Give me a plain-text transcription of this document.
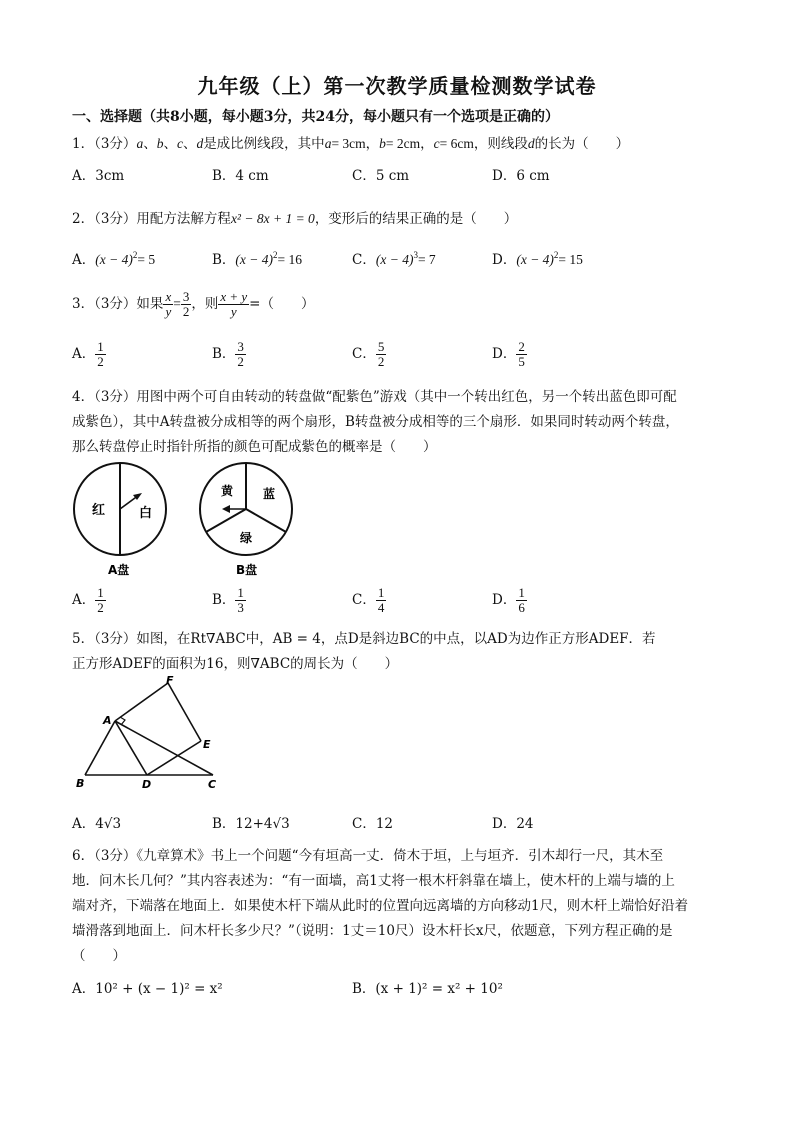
九年级（上）第一次教学质量检测数学试卷
一、选择题（共8小题，每小题3分，共24分，每小题只有一个选项是正确的）
1．（3分）a、b、c、d是成比例线段，其中a= 3cm，b= 2cm，c= 6cm，则线段d的长为（　　）
A．3cm	B．4 cm	C．5 cm	D．6 cm
2．（3分）用配方法解方程x² − 8x + 1 = 0，变形后的结果正确的是（　　）
A．$(x - 4)^2= 5$	B．$(x - 4)^2= 16$	C．$(x - 4)^3= 7$	D．$(x - 4)^2= 15$
3．（3分）如果 $\frac{x}{y} = \frac{3}{2}$ ，则 $\frac{x + y}{y}$ =（　　）
A． $\frac{1}{2}$	B． $\frac{3}{2}$	C． $\frac{5}{2}$	D． $\frac{2}{5}$
4．（3分）用图中两个可自由转动的转盘做“配紫色”游戏（其中一个转出红色，另一个转出蓝色即可配
成紫色），其中A转盘被分成相等的两个扇形，B转盘被分成相等的三个扇形．如果同时转动两个转盘，
那么转盘停止时指针所指的颜色可配成紫色的概率是（　　）
红	白
A盘
黄 蓝
绿
B盘
A． $\frac{1}{2}$	B． $\frac{1}{3}$	C． $\frac{1}{4}$	D． $\frac{1}{6}$
5．（3分）如图，在Rt∇ABC中，AB = 4，点D是斜边BC的中点，以AD为边作正方形ADEF．若
正方形ADEF的面积为16，则∇ABC的周长为（　　）
A
B	D	C
E
F
A．4√3	B．12+4√3	C．12	D．24
6．（3分）《九章算术》书上一个问题“今有垣高一丈．倚木于垣，上与垣齐．引木却行一尺，其木至
地．问木长几何？”其内容表述为：“有一面墙，高1丈将一根木杆斜靠在墙上，使木杆的上端与墙的上
端对齐，下端落在地面上．如果使木杆下端从此时的位置向远离墙的方向移动1尺，则木杆上端恰好沿着
墙滑落到地面上．问木杆长多少尺？”（说明：1丈＝10尺）设木杆长x尺，依题意，下列方程正确的是
（　　）
A．10² + (x − 1)² = x²	B．(x + 1)² = x² + 10²
